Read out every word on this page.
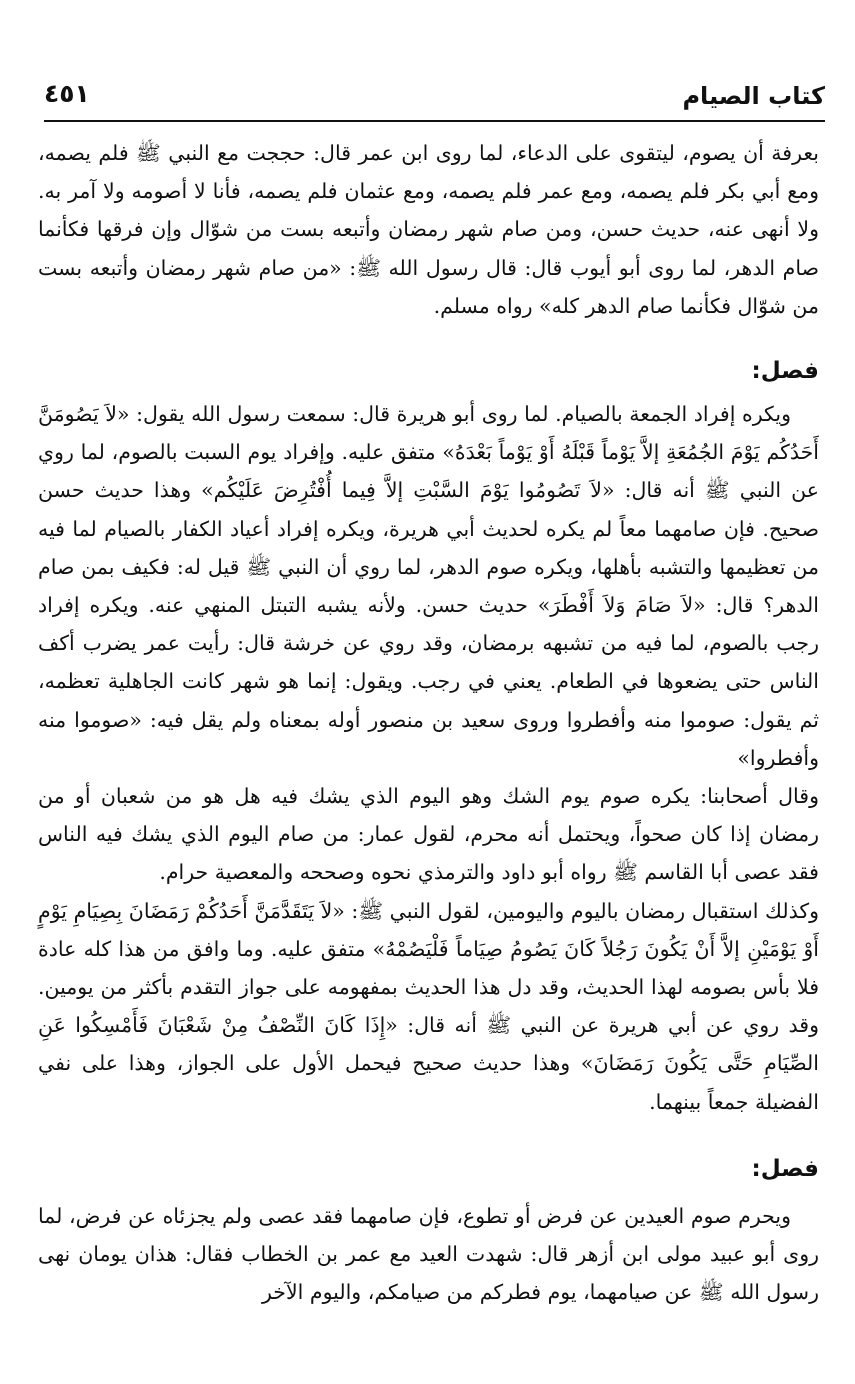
كتاب الصيام
٤٥١

بعرفة أن يصوم، ليتقوى على الدعاء، لما روى ابن عمر قال: حججت مع النبي ﷺ فلم يصمه، ومع أبي بكر فلم يصمه، ومع عمر فلم يصمه، ومع عثمان فلم يصمه، فأنا لا أصومه ولا آمر به. ولا أنهى عنه، حديث حسن، ومن صام شهر رمضان وأتبعه بست من شوّال وإن فرقها فكأنما صام الدهر، لما روى أبو أيوب قال: قال رسول الله ﷺ: «من صام شهر رمضان وأتبعه بست من شوّال فكأنما صام الدهر كله» رواه مسلم.

فصل:

ويكره إفراد الجمعة بالصيام. لما روى أبو هريرة قال: سمعت رسول الله يقول: «لاَ يَصُومَنَّ أَحَدُكُم يَوْمَ الجُمُعَةِ إلاَّ يَوْماً قَبْلَهُ أَوْ يَوْماً بَعْدَهُ» متفق عليه. وإفراد يوم السبت بالصوم، لما روي عن النبي ﷺ أنه قال: «لاَ تَصُومُوا يَوْمَ السَّبْتِ إلاَّ فِيما أُفْتُرِضَ عَلَيْكُم» وهذا حديث حسن صحيح. فإن صامهما معاً لم يكره لحديث أبي هريرة، ويكره إفراد أعياد الكفار بالصيام لما فيه من تعظيمها والتشبه بأهلها، ويكره صوم الدهر، لما روي أن النبي ﷺ قيل له: فكيف بمن صام الدهر؟ قال: «لاَ صَامَ وَلاَ أَفْطَرَ» حديث حسن. ولأنه يشبه التبتل المنهي عنه. ويكره إفراد رجب بالصوم، لما فيه من تشبهه برمضان، وقد روي عن خرشة قال: رأيت عمر يضرب أكف الناس حتى يضعوها في الطعام. يعني في رجب. ويقول: إنما هو شهر كانت الجاهلية تعظمه، ثم يقول: صوموا منه وأفطروا وروى سعيد بن منصور أوله بمعناه ولم يقل فيه: «صوموا منه وأفطروا»

وقال أصحابنا: يكره صوم يوم الشك وهو اليوم الذي يشك فيه هل هو من شعبان أو من رمضان إذا كان صحواً، ويحتمل أنه محرم، لقول عمار: من صام اليوم الذي يشك فيه الناس فقد عصى أبا القاسم ﷺ رواه أبو داود والترمذي نحوه وصححه والمعصية حرام.

وكذلك استقبال رمضان باليوم واليومين، لقول النبي ﷺ: «لاَ يَتَقَدَّمَنَّ أَحَدُكُمْ رَمَضَانَ بِصِيَامِ يَوْمٍ أَوْ يَوْمَيْنِ إلاَّ أَنْ يَكُونَ رَجُلاً كَانَ يَصُومُ صِيَاماً فَلْيَصُمْهُ» متفق عليه. وما وافق من هذا كله عادة فلا بأس بصومه لهذا الحديث، وقد دل هذا الحديث بمفهومه على جواز التقدم بأكثر من يومين. وقد روي عن أبي هريرة عن النبي ﷺ أنه قال: «إِذَا كَانَ النِّصْفُ مِنْ شَعْبَانَ فَأَمْسِكُوا عَنِ الصِّيَامِ حَتَّى يَكُونَ رَمَضَانَ» وهذا حديث صحيح فيحمل الأول على الجواز، وهذا على نفي الفضيلة جمعاً بينهما.

فصل:

ويحرم صوم العيدين عن فرض أو تطوع، فإن صامهما فقد عصى ولم يجزئاه عن فرض، لما روى أبو عبيد مولى ابن أزهر قال: شهدت العيد مع عمر بن الخطاب فقال: هذان يومان نهى رسول الله ﷺ عن صيامهما، يوم فطركم من صيامكم، واليوم الآخر
